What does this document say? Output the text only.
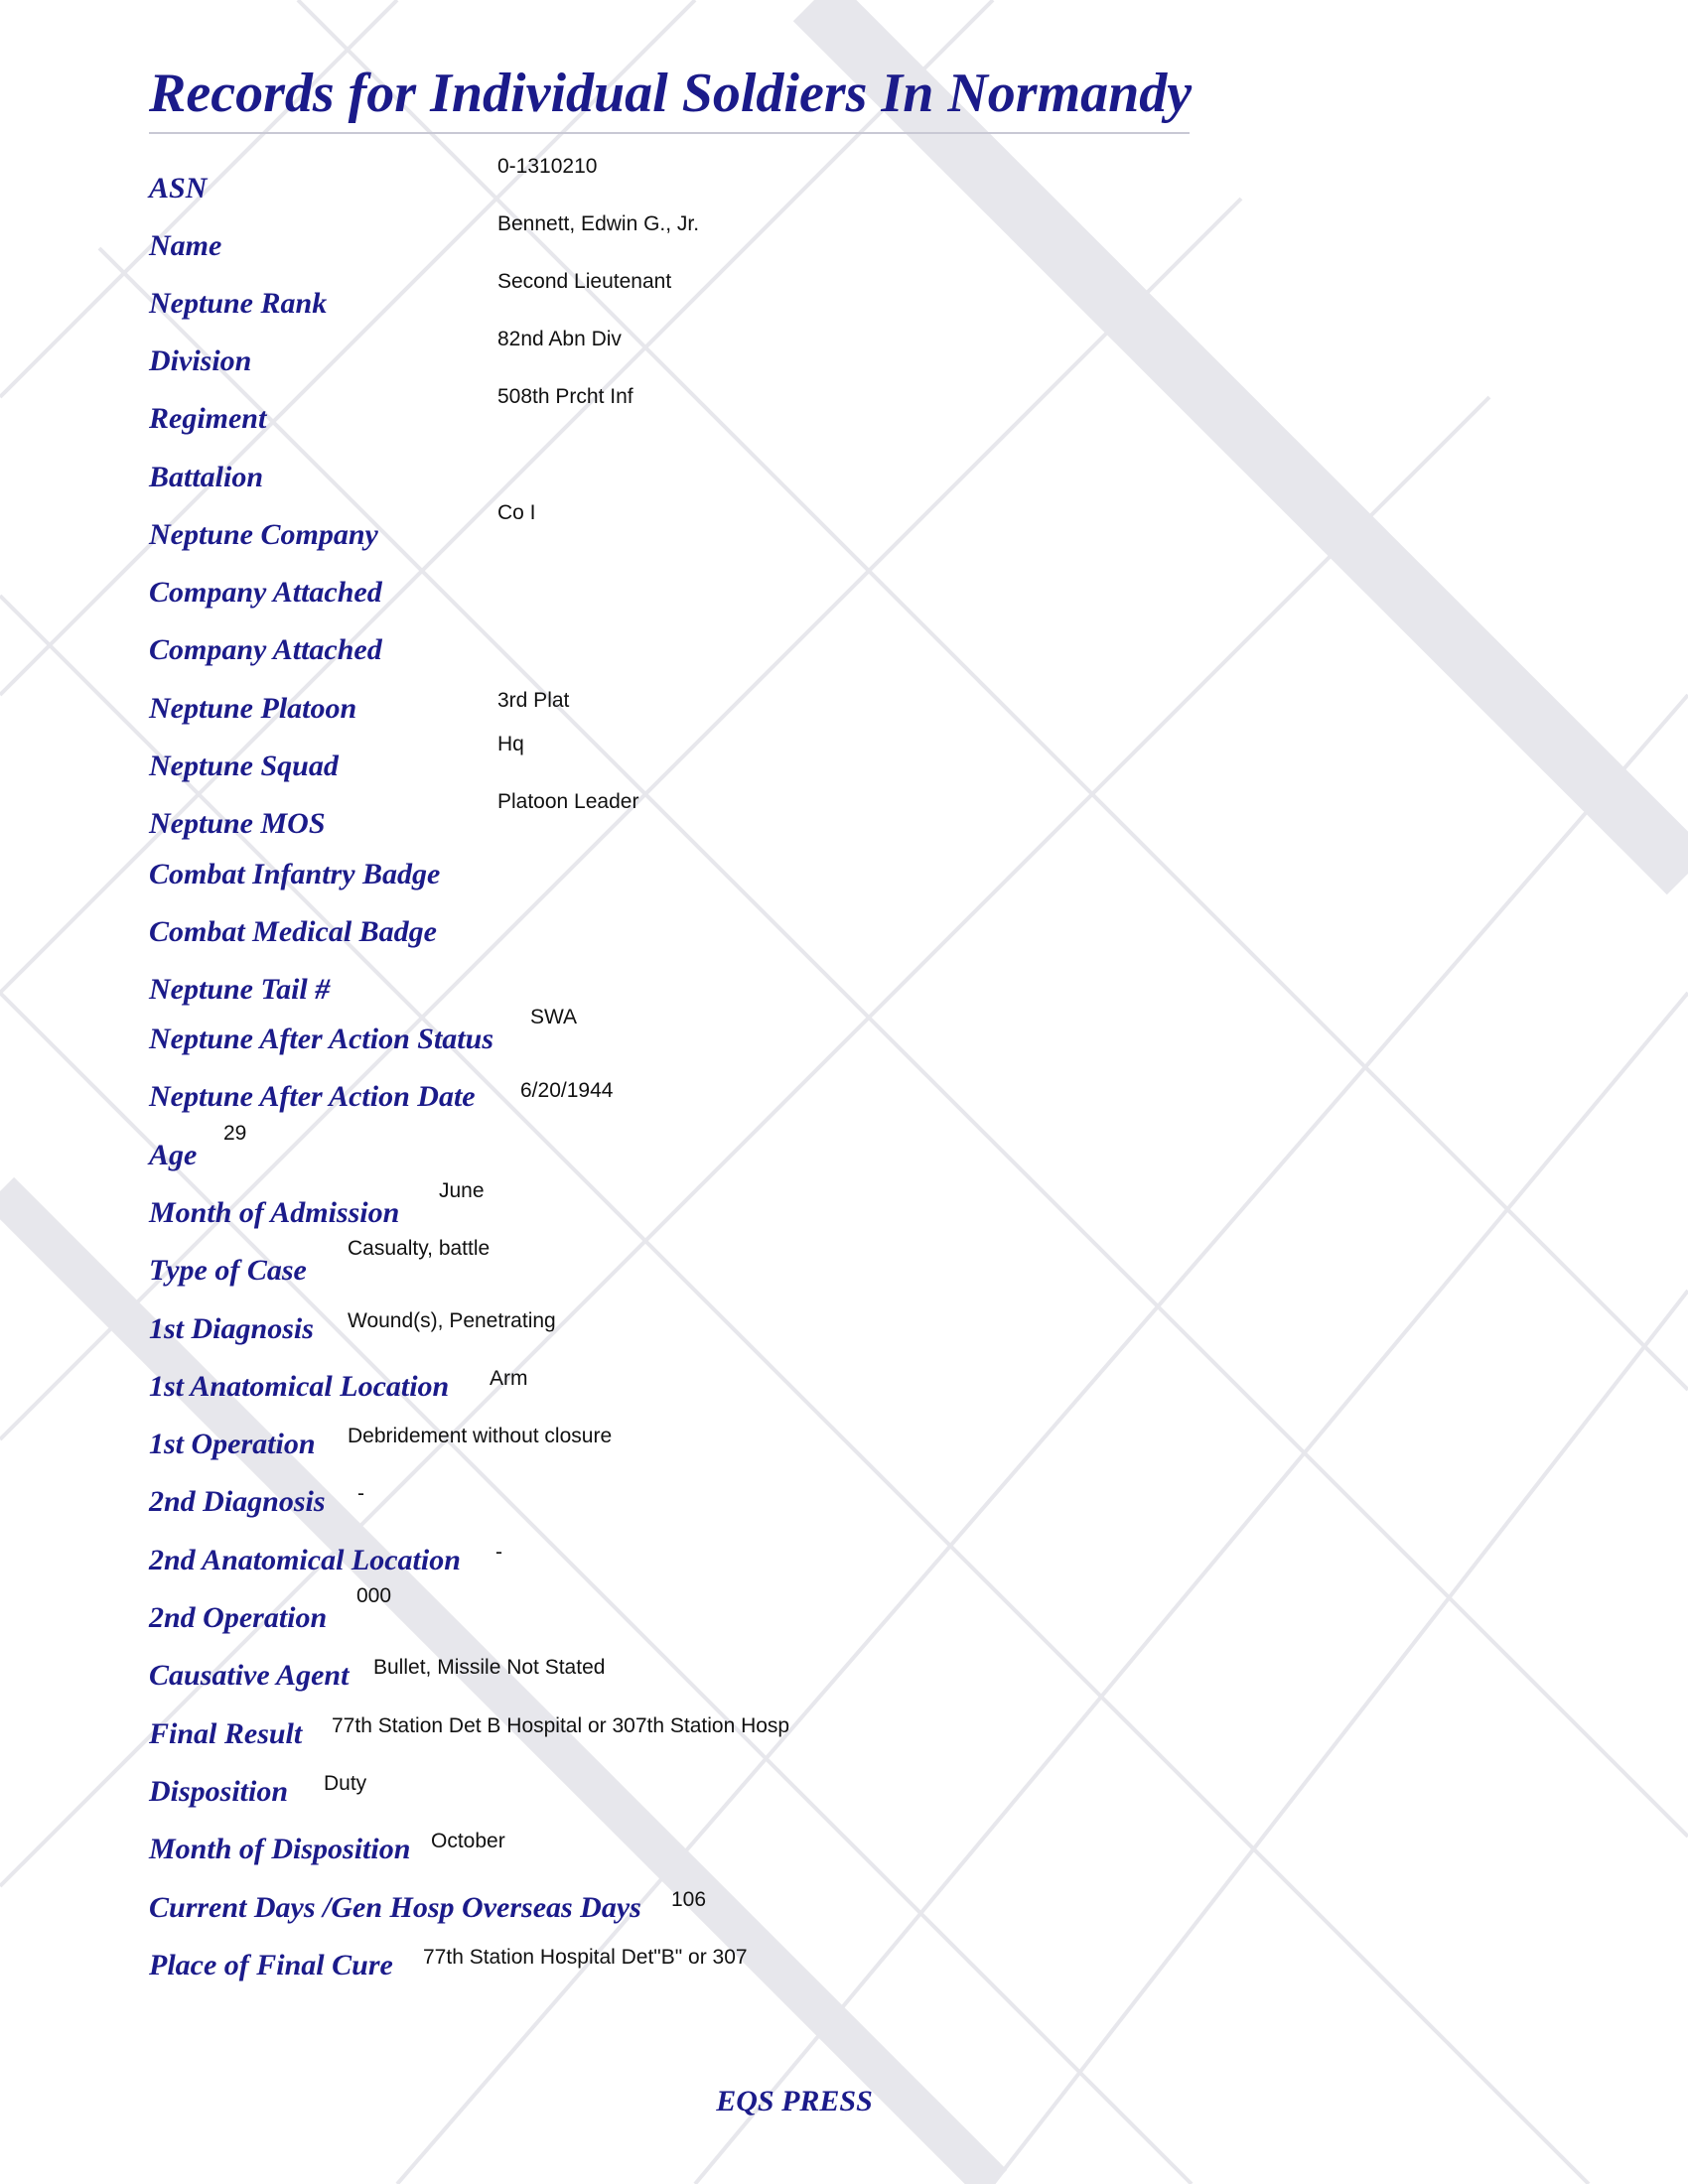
Records for Individual Soldiers In Normandy
ASN
0-1310210
Name
Bennett, Edwin G., Jr.
Neptune Rank
Second Lieutenant
Division
82nd Abn Div
Regiment
508th Prcht Inf
Battalion
Neptune Company
Co I
Company Attached
Company Attached
Neptune Platoon	3rd Plat
Neptune Squad
Hq
Neptune MOS
Platoon Leader
Combat Infantry Badge
Combat Medical Badge
Neptune Tail #
Neptune After Action Status
SWA
Neptune After Action Date 6/20/1944
Age
29
Month of Admission
June
Type of Case
Casualty, battle
1st Diagnosis Wound(s), Penetrating
1st Anatomical Location Arm
1st Operation Debridement without closure
2nd Diagnosis -
2nd Anatomical Location -
2nd Operation
000
Causative Agent Bullet, Missile Not Stated
Final Result 77th Station Det B Hospital or 307th Station Hosp
Disposition Duty
Month of Disposition October
Current Days /Gen Hosp Overseas Days 106
Place of Final Cure 77th Station Hospital Det"B" or 307
EQS PRESS
